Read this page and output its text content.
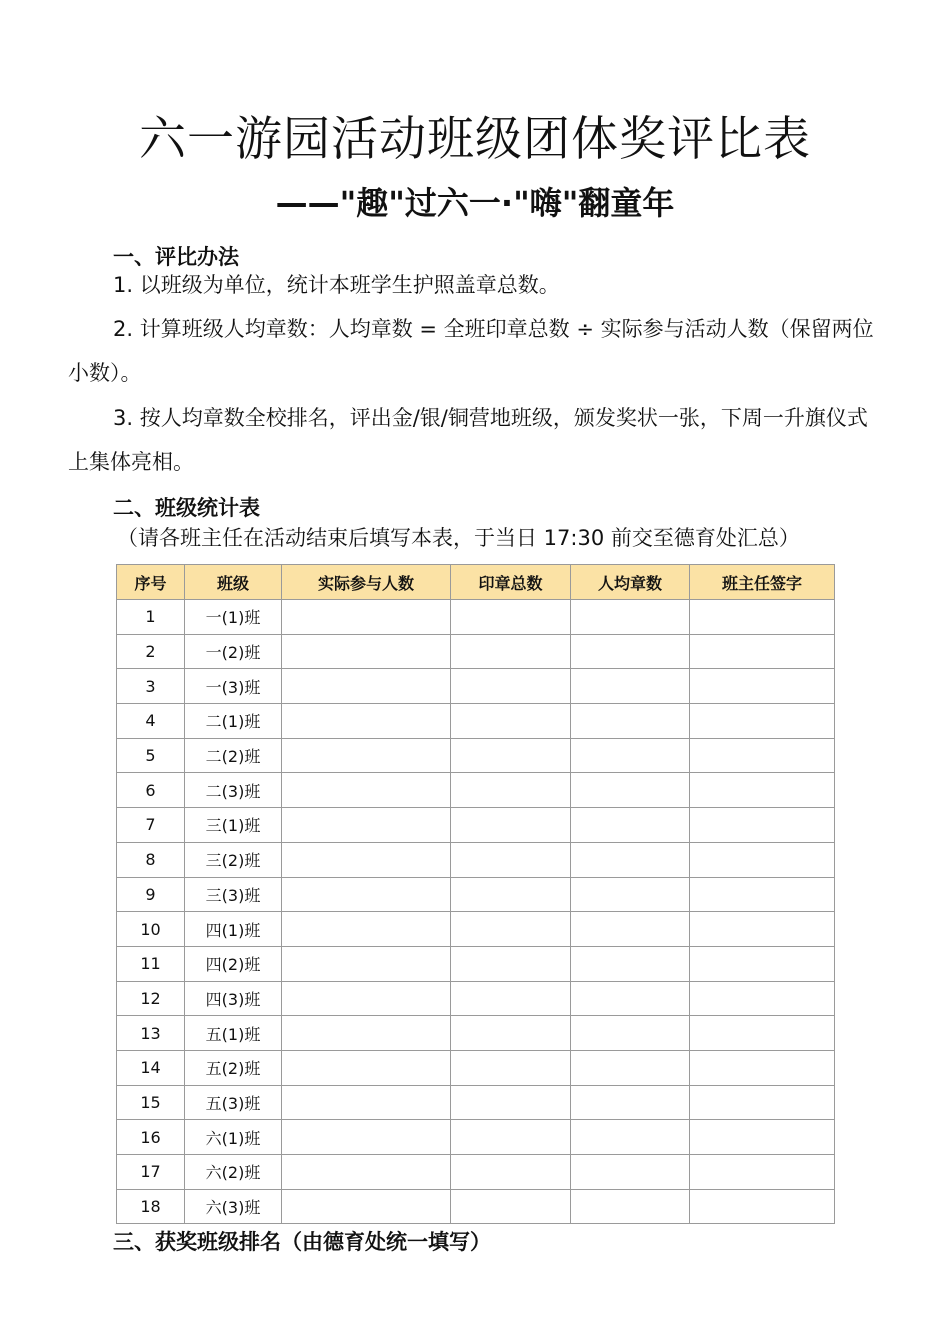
六一游园活动班级团体奖评比表
——"趣"过六一·"嗨"翻童年
一、评比办法
1. 以班级为单位，统计本班学生护照盖章总数。
2. 计算班级人均章数：人均章数 = 全班印章总数 ÷ 实际参与活动人数（保留两位小数）。
3. 按人均章数全校排名，评出金/银/铜营地班级，颁发奖状一张，下周一升旗仪式上集体亮相。
二、班级统计表
（请各班主任在活动结束后填写本表，于当日 17:30 前交至德育处汇总）
序号	班级	实际参与人数	印章总数	人均章数	班主任签字
1	一(1)班				
2	一(2)班				
3	一(3)班				
4	二(1)班				
5	二(2)班				
6	二(3)班				
7	三(1)班				
8	三(2)班				
9	三(3)班				
10	四(1)班				
11	四(2)班				
12	四(3)班				
13	五(1)班				
14	五(2)班				
15	五(3)班				
16	六(1)班				
17	六(2)班				
18	六(3)班				
三、获奖班级排名（由德育处统一填写）
